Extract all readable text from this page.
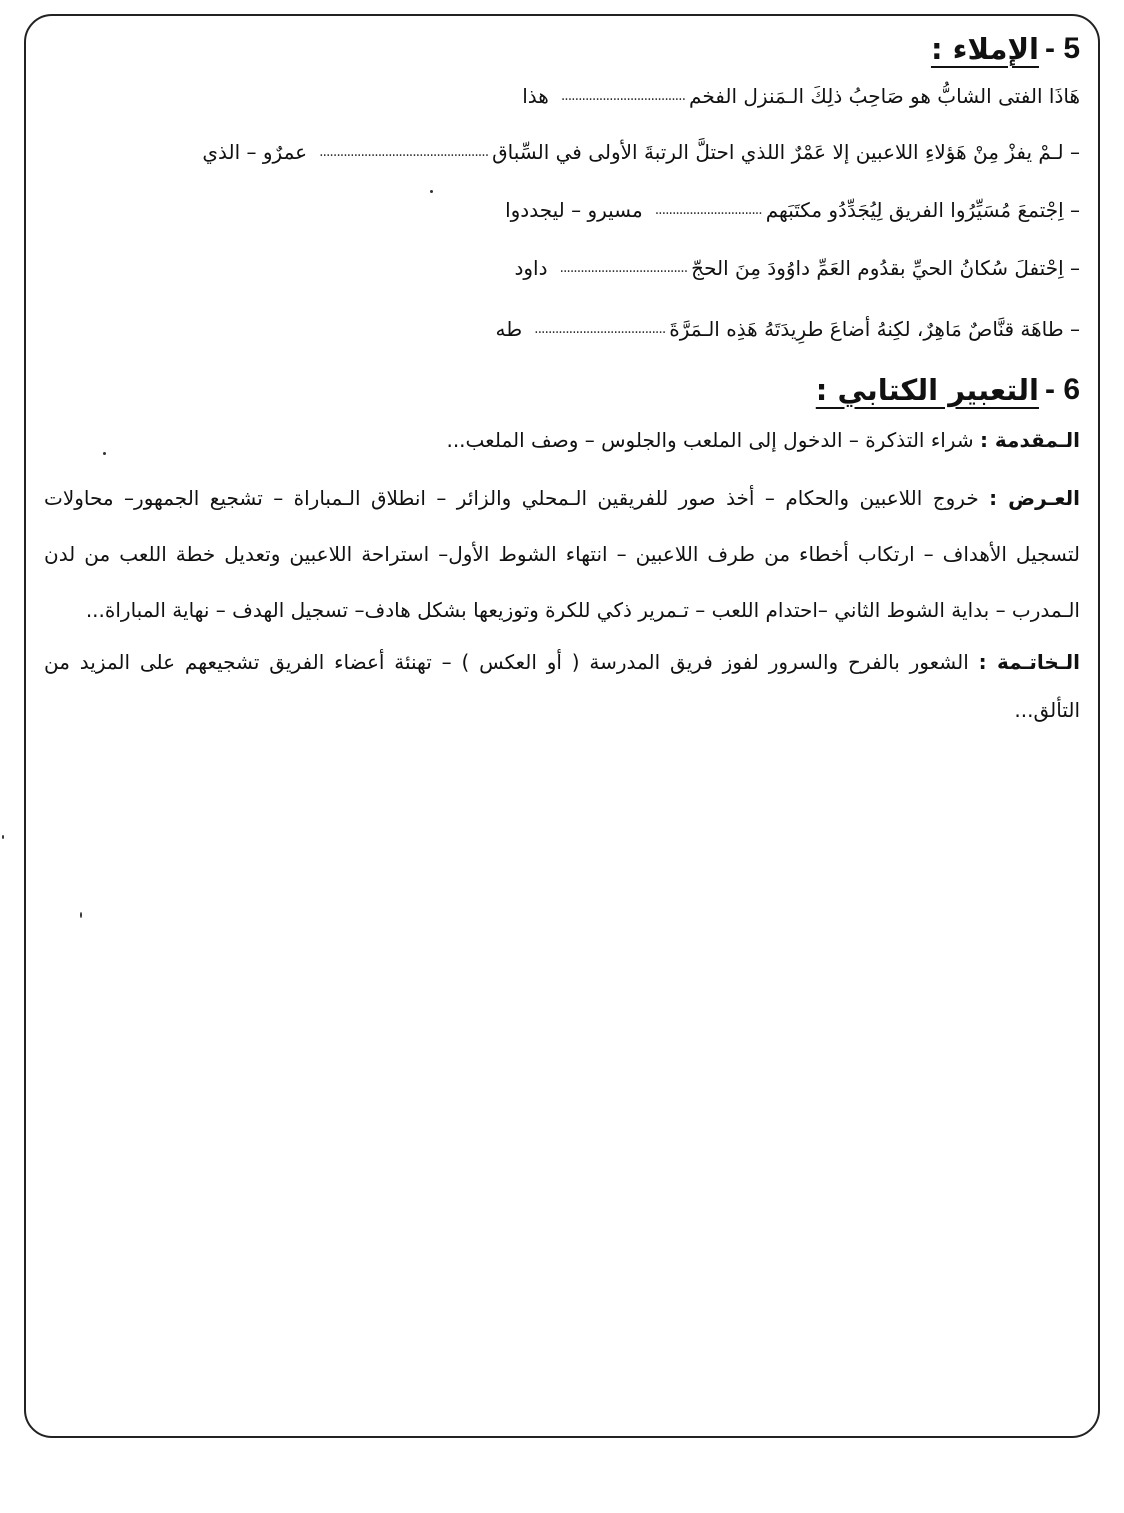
5 -
الإملاء :
هَاذَا الفتى الشابُّ هو صَاحِبُ ذلِكَ الـمَنزل الفخم
....................................
هذا
– لـمْ يفزْ مِنْ هَؤلاءِ اللاعبين إلا عَمْرٌ اللذي احتلَّ الرتبةَ الأولى في السِّباق
.................................................
عمرٌو – الذي
– اِجْتمعَ مُسَيِّرُوا الفريق لِيُجَدِّدُو مكتَبَهم
...............................
مسيرو – ليجددوا
– اِحْتفلَ سُكانُ الحيِّ بقدُوم العَمِّ داوُودَ مِنَ الحجّ
.....................................
داود
– طاهَة قنَّاصٌ مَاهِرٌ، لكِنهُ أضاعَ طرِيدَتَهُ هَذِه الـمَرَّةَ
......................................
طه
6 -
التعبير الكتابي :
الـمقدمة : شراء التذكرة – الدخول إلى الملعب والجلوس – وصف الملعب...
العـرض : خروج اللاعبين والحكام – أخذ صور للفريقين الـمحلي والزائر – انطلاق الـمباراة – تشجيع الجمهور– محاولات لتسجيل الأهداف – ارتكاب أخطاء من طرف اللاعبين – انتهاء الشوط الأول– استراحة اللاعبين وتعديل خطة اللعب من لدن الـمدرب – بداية الشوط الثاني –احتدام اللعب – تـمرير ذكي للكرة وتوزيعها بشكل هادف– تسجيل الهدف – نهاية المباراة...
الـخاتـمة : الشعور بالفرح والسرور لفوز فريق المدرسة ( أو العكس ) – تهنئة أعضاء الفريق تشجيعهم على المزيد من التألق...
